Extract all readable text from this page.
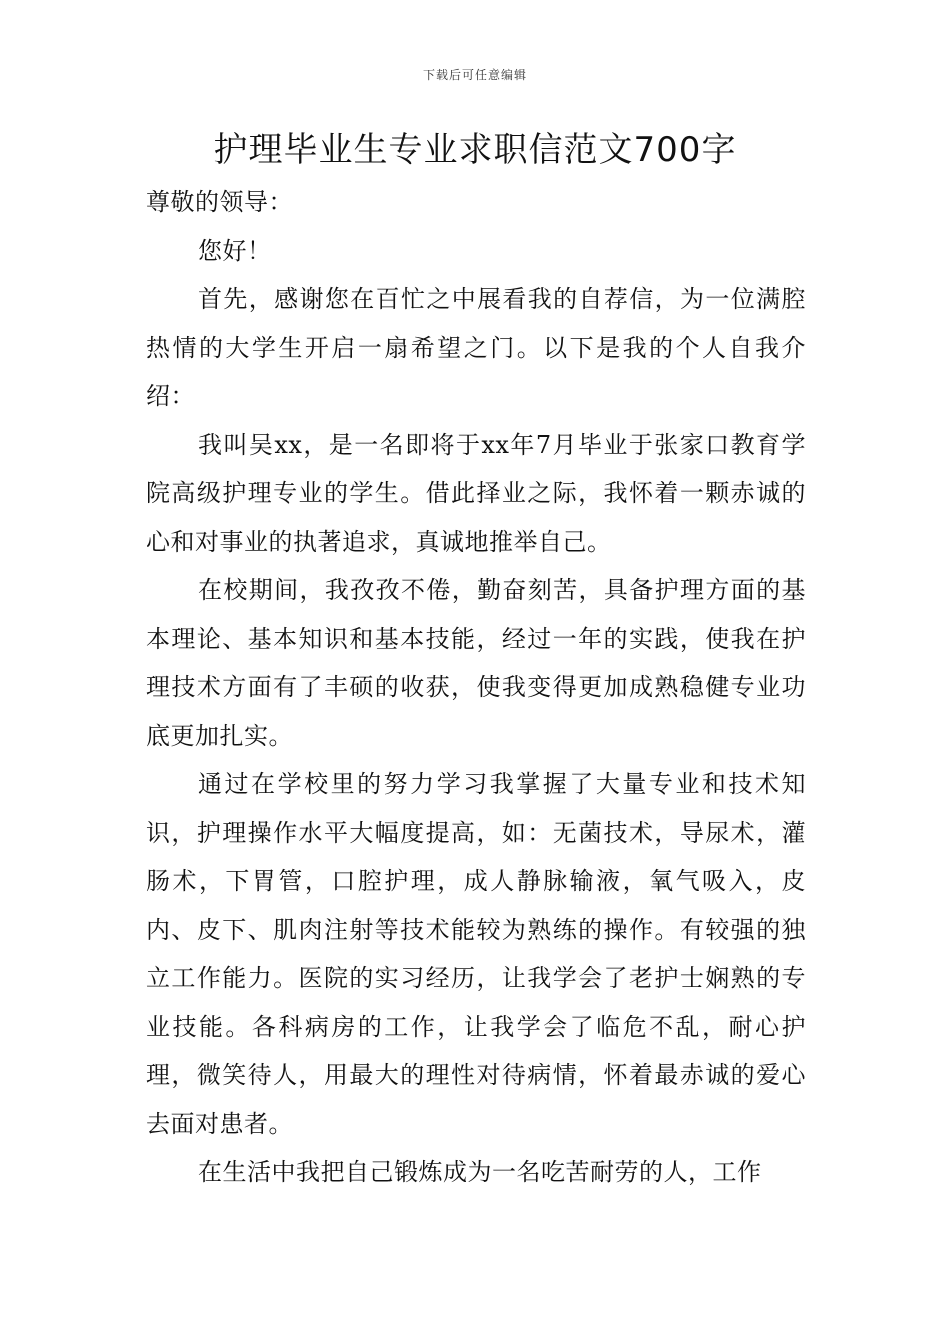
下载后可任意编辑
护理毕业生专业求职信范文700字

尊敬的领导：

您好！

首先，感谢您在百忙之中展看我的自荐信，为一位满腔热情的大学生开启一扇希望之门。以下是我的个人自我介绍：

我叫吴xx，是一名即将于xx年7月毕业于张家口教育学院高级护理专业的学生。借此择业之际，我怀着一颗赤诚的心和对事业的执著追求，真诚地推举自己。

在校期间，我孜孜不倦，勤奋刻苦，具备护理方面的基本理论、基本知识和基本技能，经过一年的实践，使我在护理技术方面有了丰硕的收获，使我变得更加成熟稳健专业功底更加扎实。

通过在学校里的努力学习我掌握了大量专业和技术知识，护理操作水平大幅度提高，如：无菌技术，导尿术，灌肠术，下胃管，口腔护理，成人静脉输液，氧气吸入，皮内、皮下、肌肉注射等技术能较为熟练的操作。有较强的独立工作能力。医院的实习经历，让我学会了老护士娴熟的专业技能。各科病房的工作，让我学会了临危不乱，耐心护理，微笑待人，用最大的理性对待病情，怀着最赤诚的爱心去面对患者。

在生活中我把自己锻炼成为一名吃苦耐劳的人，工作
